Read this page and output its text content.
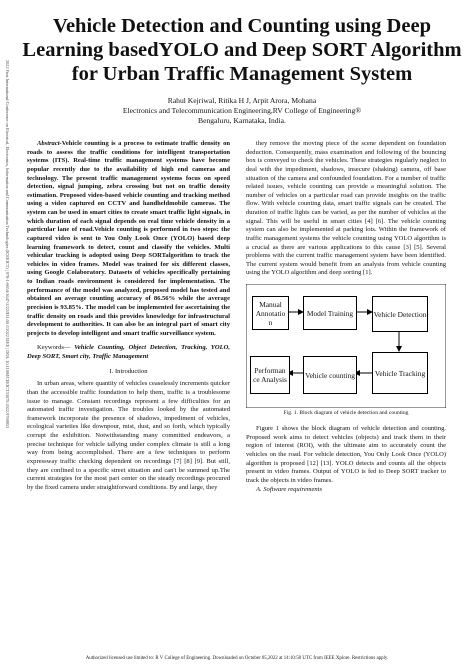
2022 First International Conference on Electrical, Electronics, Information and Communication Technologies (ICEEICT) | 978-1-6654-3647-2/22/$31.00 ©2022 IEEE | DOI: 10.1109/ICEEICT53079.2022.9768853
Vehicle Detection and Counting using Deep Learning basedYOLO and Deep SORT Algorithm for Urban Traffic Management System
Rahul Kejriwal, Ritika H J, Arpit Arora, Mohana
Electronics and Telecommunication Engineering,RV College of Engineering®
Bengaluru, Karnataka, India.

Abstract-Vehicle counting is a process to estimate traffic density on roads to assess the traffic conditions for intelligent transportation systems (ITS). Real-time traffic management systems have become popular recently due to the availability of high end cameras and technology. The present traffic management systems focus on speed detection, signal jumping, zebra crossing but not on traffic density estimation. Proposed video-based vehicle counting and tracking method using a video captured on CCTV and handheldmobile cameras. The system can be used in smart cities to create smart traffic light signals, in which duration of each signal depends on real time vehicle density in a particular lane of road.Vehicle counting is performed in two steps: the captured video is sent to You Only Look Once (YOLO) based deep learning framework to detect, count and classify the vehicles. Multi vehicular tracking is adopted using Deep SORTalgorithm to track the vehicles in video frames. Model was trained for six different classes, using Google Colaboratory. Datasets of vehicles specifically pertaining to Indian roads environment is considered for implementation. The performance of the model was analyzed, proposed model has tested and obtained an average counting accuracy of 86.56% while the average precision is 93.85%. The model can be implemented for ascertaining the traffic density on roads and this provides knowledge for infrastructural development to authorities. It can also be an integral part of smart city projects to develop intelligent and smart traffic surveillance system.

Keywords— Vehicle Counting, Object Detection, Tracking, YOLO, Deep SORT, Smart city, Traffic Management

I. Introduction

In urban areas, where quantity of vehicles ceaselessly increments quicker than the accessible traffic foundation to help them, traffic is a troublesome issue to manage. Constant recordings represent a few difficulties for an automated traffic investigation. The troubles looked by the automated framework incorporate the presence of shadows, impediment of vehicles, ecological varieties like downpour, mist, dust, and so forth, which typically corrupt the exhibition. Notwithstanding many committed endeavors, a precise technique for vehicle tallying under complex climate is still a long way from being accomplished. There are a few techniques to perform expressway traffic checking dependent on recordings [7] [8] [9]. But still, they are confined to a specific street situation and can't be summed up.The current strategies for the most part center on the steady recordings procured by the fixed camera under straightforward conditions. By and large, they

they remove the moving piece of the scene dependent on foundation deduction. Consequently, mass examination and following of the bouncing box is conveyed to check the vehicles. These strategies regularly neglect to deal with the impediment, shadows, insecure (shaking) camera, off base situation of the camera and confounded foundation. For a number of traffic related issues, vehicle counting can provide a meaningful solution. The number of vehicles on a particular road can provide insights on the traffic flow. With vehicle counting data, smart traffic signals can be created. The duration of traffic lights can be varied, as per the number of vehicles at the signal. This will be useful in smart cities [4] [6]. The vehicle counting system can also be implemented at parking lots. Within the framework of traffic management systems the vehicle counting using YOLO algorithm is a crucial as there are various applications to this cause [3] [5]. Several problems with the current traffic management system have been identified. The current system would benefit from an analysis from vehicle counting using the YOLO algorithm and deep sorting [1].

Manual Annotatio n
Model Training	Vehicle Detection
Performan ce Analysis	Vehicle counting	Vehicle Tracking
Fig. 1. Block diagram of vehicle detection and counting

Figure 1 shows the block diagram of vehicle detection and counting. Proposed work aims to detect vehicles (objects) and track them in their region of interest (ROI), with the ultimate aim to accurately count the vehicles on the road. For vehicle detection, You Only Look Once (YOLO) algorithm is proposed [12] [13]. YOLO detects and counts all the objects present in video frames. Output of YOLO is fed to Deep SORT tracker to track the objects in video frames.

A. Software requirements
Authorized licensed use limited to: R V College of Engineering. Downloaded on October 05,2022 at 14:10:58 UTC from IEEE Xplore. Restrictions apply.
